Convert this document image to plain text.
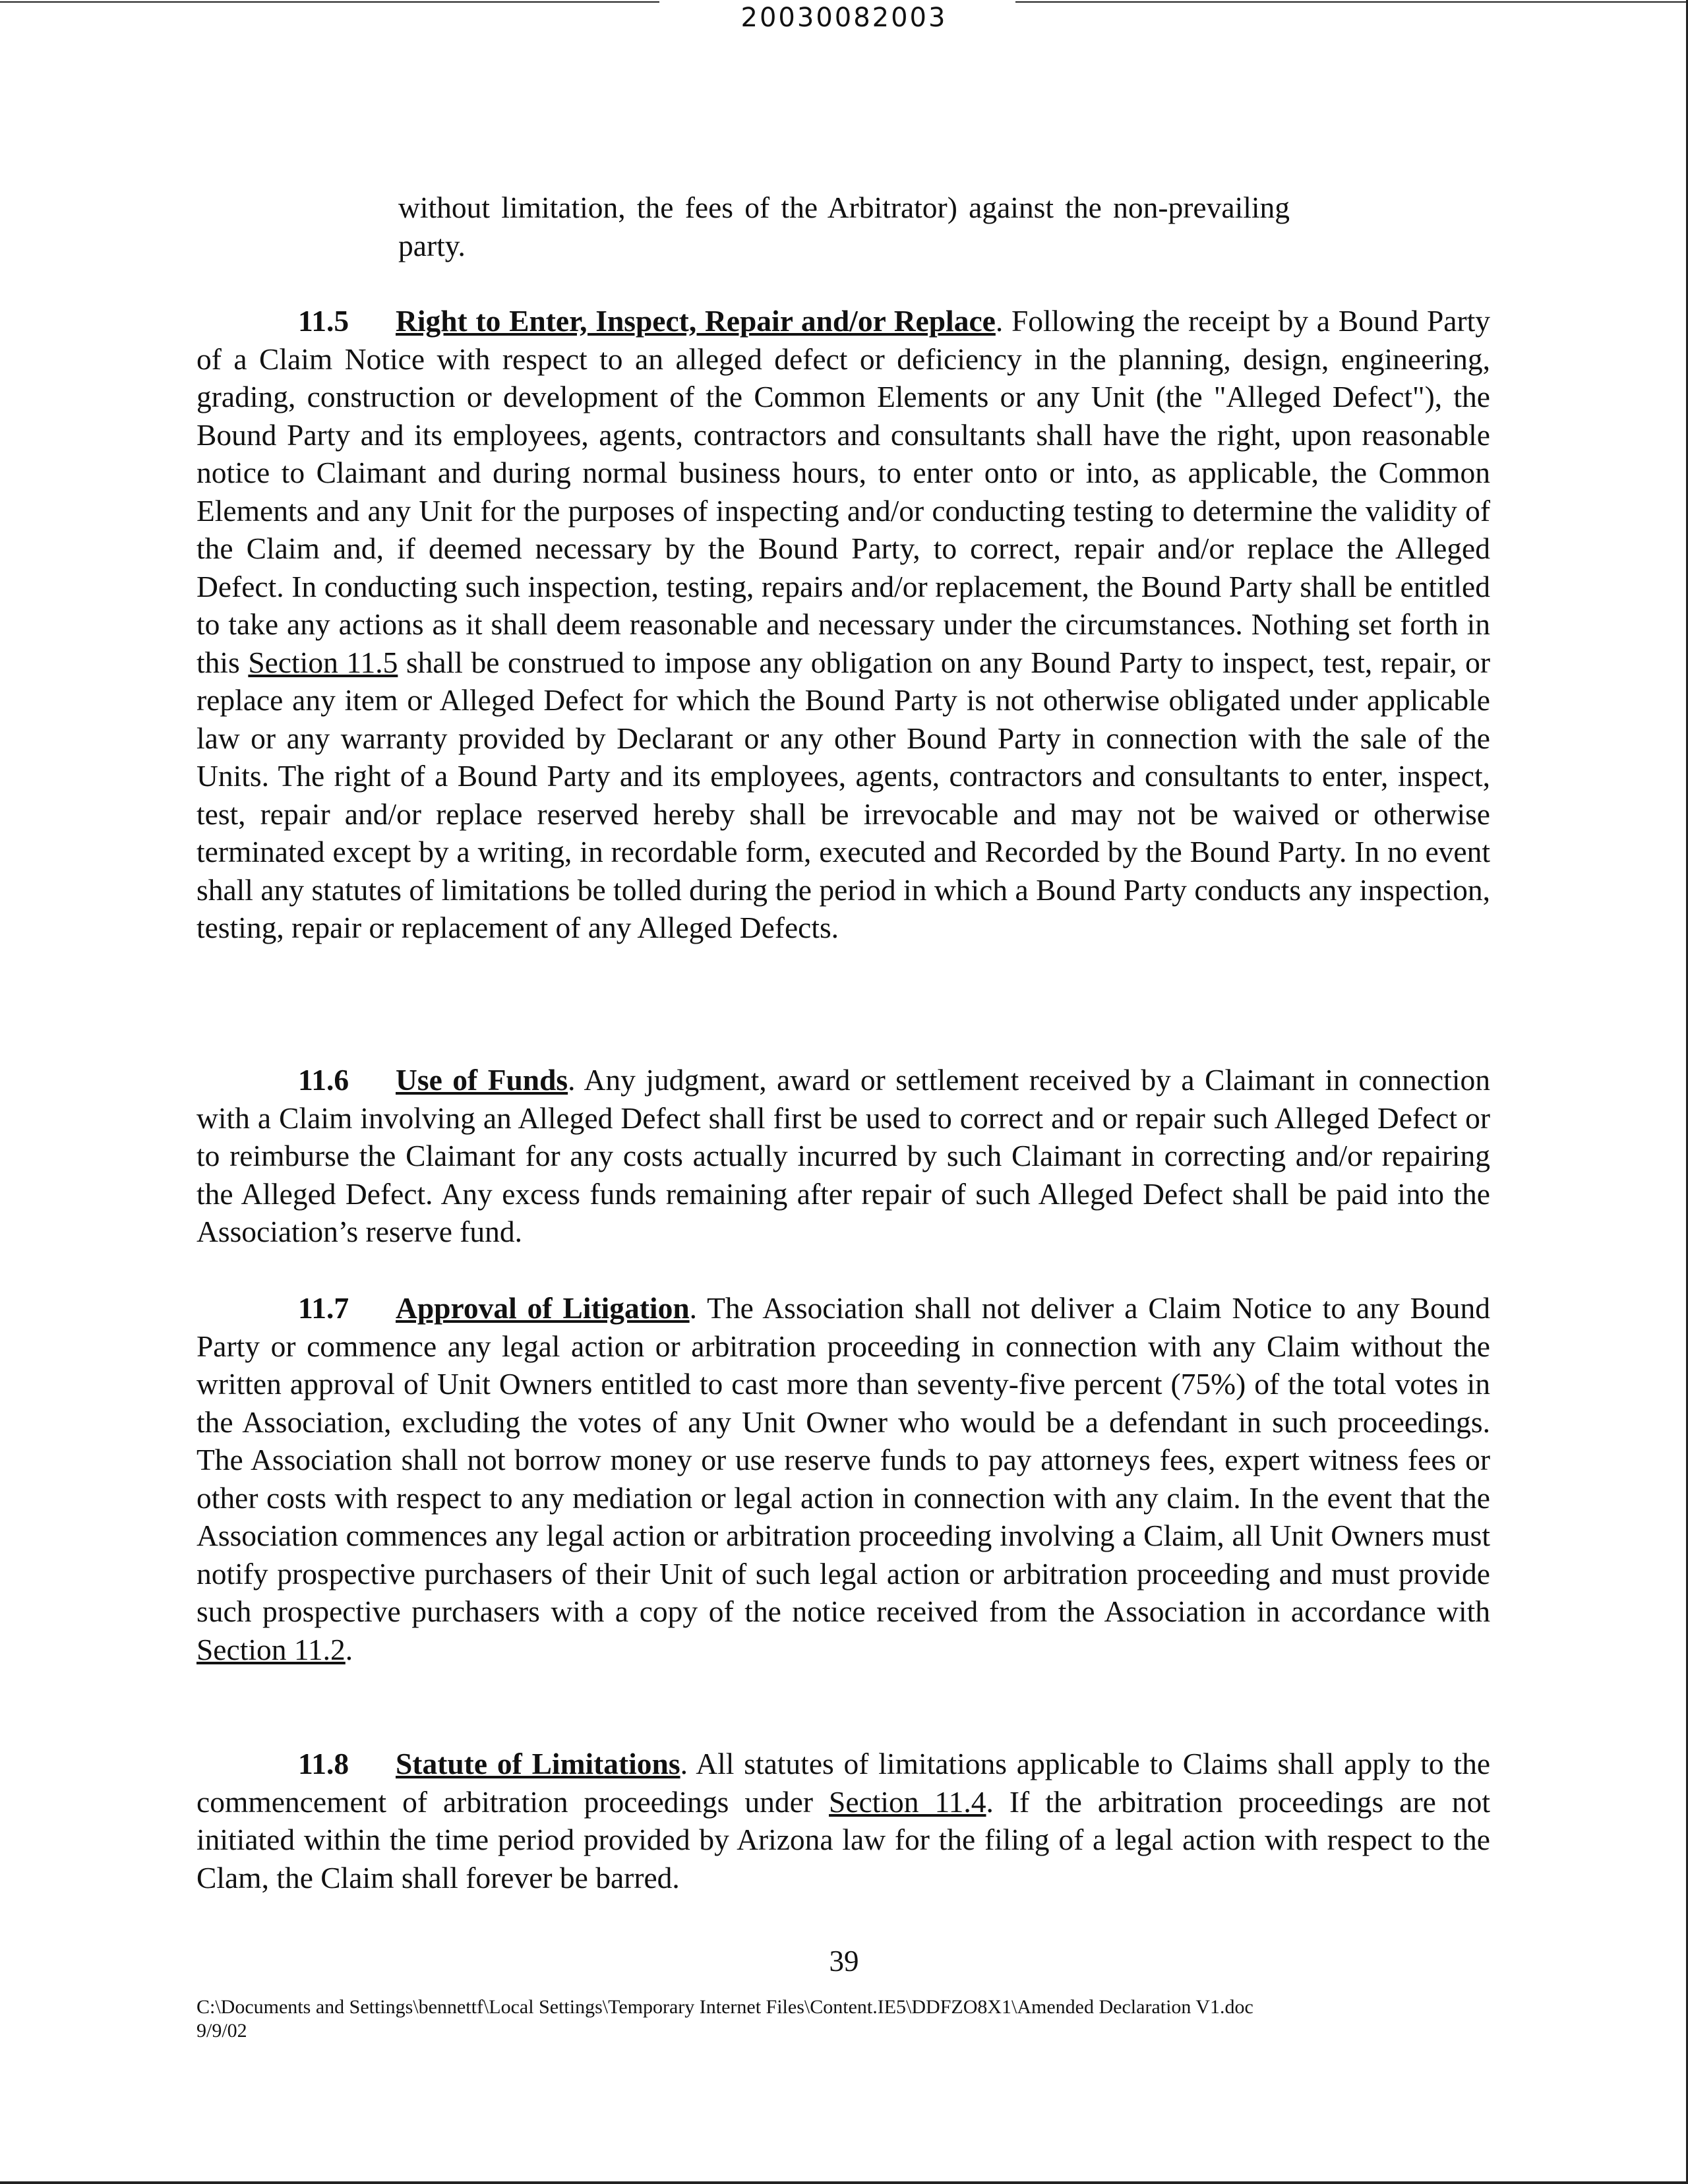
20030082003
without limitation, the fees of the Arbitrator) against the non-prevailing party.

11.5 Right to Enter, Inspect, Repair and/or Replace. Following the receipt by a Bound Party of a Claim Notice with respect to an alleged defect or deficiency in the planning, design, engineering, grading, construction or development of the Common Elements or any Unit (the "Alleged Defect"), the Bound Party and its employees, agents, contractors and consultants shall have the right, upon reasonable notice to Claimant and during normal business hours, to enter onto or into, as applicable, the Common Elements and any Unit for the purposes of inspecting and/or conducting testing to determine the validity of the Claim and, if deemed necessary by the Bound Party, to correct, repair and/or replace the Alleged Defect. In conducting such inspection, testing, repairs and/or replacement, the Bound Party shall be entitled to take any actions as it shall deem reasonable and necessary under the circumstances. Nothing set forth in this Section 11.5 shall be construed to impose any obligation on any Bound Party to inspect, test, repair, or replace any item or Alleged Defect for which the Bound Party is not otherwise obligated under applicable law or any warranty provided by Declarant or any other Bound Party in connection with the sale of the Units. The right of a Bound Party and its employees, agents, contractors and consultants to enter, inspect, test, repair and/or replace reserved hereby shall be irrevocable and may not be waived or otherwise terminated except by a writing, in recordable form, executed and Recorded by the Bound Party. In no event shall any statutes of limitations be tolled during the period in which a Bound Party conducts any inspection, testing, repair or replacement of any Alleged Defects.

11.6 Use of Funds. Any judgment, award or settlement received by a Claimant in connection with a Claim involving an Alleged Defect shall first be used to correct and or repair such Alleged Defect or to reimburse the Claimant for any costs actually incurred by such Claimant in correcting and/or repairing the Alleged Defect. Any excess funds remaining after repair of such Alleged Defect shall be paid into the Association’s reserve fund.

11.7 Approval of Litigation. The Association shall not deliver a Claim Notice to any Bound Party or commence any legal action or arbitration proceeding in connection with any Claim without the written approval of Unit Owners entitled to cast more than seventy-five percent (75%) of the total votes in the Association, excluding the votes of any Unit Owner who would be a defendant in such proceedings. The Association shall not borrow money or use reserve funds to pay attorneys fees, expert witness fees or other costs with respect to any mediation or legal action in connection with any claim. In the event that the Association commences any legal action or arbitration proceeding involving a Claim, all Unit Owners must notify prospective purchasers of their Unit of such legal action or arbitration proceeding and must provide such prospective purchasers with a copy of the notice received from the Association in accordance with Section 11.2.

11.8 Statute of Limitations. All statutes of limitations applicable to Claims shall apply to the commencement of arbitration proceedings under Section 11.4. If the arbitration proceedings are not initiated within the time period provided by Arizona law for the filing of a legal action with respect to the Clam, the Claim shall forever be barred.

39
C:\Documents and Settings\bennettf\Local Settings\Temporary Internet Files\Content.IE5\DDFZO8X1\Amended Declaration V1.doc
9/9/02
